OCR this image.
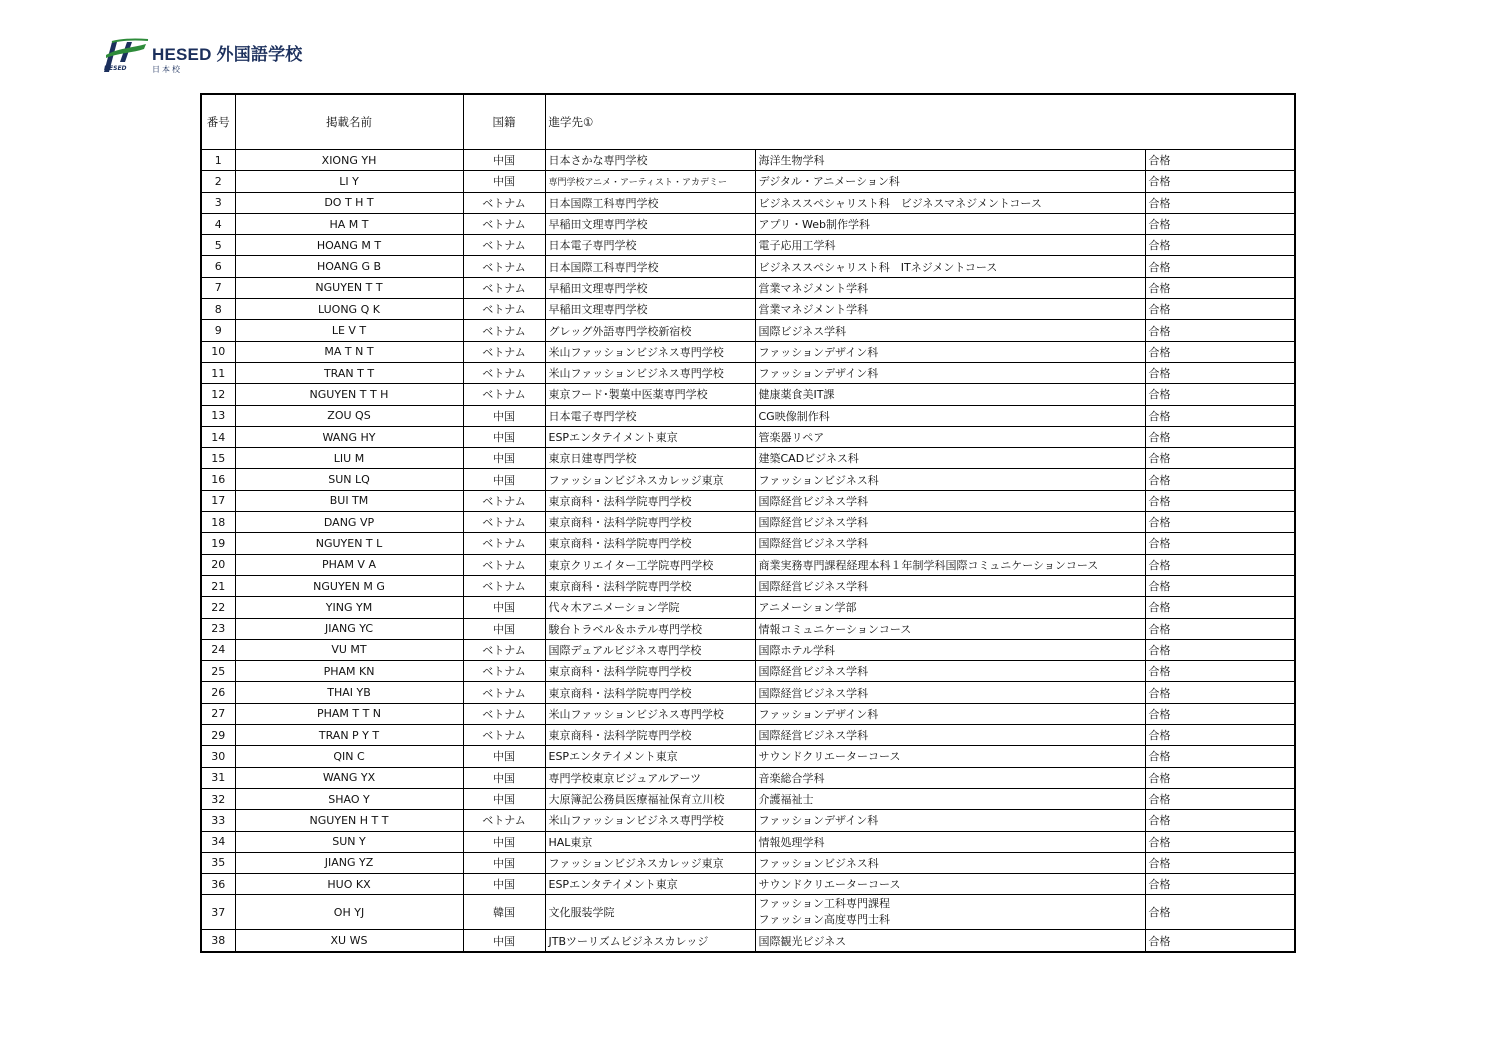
HESED
HESED 外国語学校
日本校
番号	掲載名前	国籍	進学先①		
1	XIONG YH	中国	日本さかな専門学校	海洋生物学科	合格
2	LI Y	中国	専門学校アニメ・アーティスト・アカデミー	デジタル・アニメーション科	合格
3	DO T H T	ベトナム	日本国際工科専門学校	ビジネススペシャリスト科　ビジネスマネジメントコース	合格
4	HA M T	ベトナム	早稲田文理専門学校	アプリ・Web制作学科	合格
5	HOANG M T	ベトナム	日本電子専門学校	電子応用工学科	合格
6	HOANG G B	ベトナム	日本国際工科専門学校	ビジネススペシャリスト科　ITネジメントコース	合格
7	NGUYEN T T	ベトナム	早稲田文理専門学校	営業マネジメント学科	合格
8	LUONG Q K	ベトナム	早稲田文理専門学校	営業マネジメント学科	合格
9	LE V T	ベトナム	グレッグ外語専門学校新宿校	国際ビジネス学科	合格
10	MA T N T	ベトナム	米山ファッションビジネス専門学校	ファッションデザイン科	合格
11	TRAN T T	ベトナム	米山ファッションビジネス専門学校	ファッションデザイン科	合格
12	NGUYEN T T H	ベトナム	東京フード･製菓中医薬専門学校	健康薬食美IT課	合格
13	ZOU QS	中国	日本電子専門学校	CG映像制作科	合格
14	WANG HY	中国	ESPエンタテイメント東京	管楽器リペア	合格
15	LIU M	中国	東京日建専門学校	建築CADビジネス科	合格
16	SUN LQ	中国	ファッションビジネスカレッジ東京	ファッションビジネス科	合格
17	BUI TM	ベトナム	東京商科・法科学院専門学校	国際経営ビジネス学科	合格
18	DANG VP	ベトナム	東京商科・法科学院専門学校	国際経営ビジネス学科	合格
19	NGUYEN T L	ベトナム	東京商科・法科学院専門学校	国際経営ビジネス学科	合格
20	PHAM V A	ベトナム	東京クリエイター工学院専門学校	商業実務専門課程経理本科１年制学科国際コミュニケーションコース	合格
21	NGUYEN M G	ベトナム	東京商科・法科学院専門学校	国際経営ビジネス学科	合格
22	YING YM	中国	代々木アニメーション学院	アニメーション学部	合格
23	JIANG YC	中国	駿台トラベル＆ホテル専門学校	情報コミュニケーションコース	合格
24	VU MT	ベトナム	国際デュアルビジネス専門学校	国際ホテル学科	合格
25	PHAM KN	ベトナム	東京商科・法科学院専門学校	国際経営ビジネス学科	合格
26	THAI YB	ベトナム	東京商科・法科学院専門学校	国際経営ビジネス学科	合格
27	PHAM T T N	ベトナム	米山ファッションビジネス専門学校	ファッションデザイン科	合格
29	TRAN P Y T	ベトナム	東京商科・法科学院専門学校	国際経営ビジネス学科	合格
30	QIN C	中国	ESPエンタテイメント東京	サウンドクリエーターコース	合格
31	WANG YX	中国	専門学校東京ビジュアルアーツ	音楽総合学科	合格
32	SHAO Y	中国	大原簿記公務員医療福祉保育立川校	介護福祉士	合格
33	NGUYEN H T T	ベトナム	米山ファッションビジネス専門学校	ファッションデザイン科	合格
34	SUN Y	中国	HAL東京	情報処理学科	合格
35	JIANG YZ	中国	ファッションビジネスカレッジ東京	ファッションビジネス科	合格
36	HUO KX	中国	ESPエンタテイメント東京	サウンドクリエーターコース	合格
37	OH YJ	韓国	文化服装学院	ファッション工科専門課程
ファッション高度専門士科	合格
38	XU WS	中国	JTBツーリズムビジネスカレッジ	国際観光ビジネス	合格
